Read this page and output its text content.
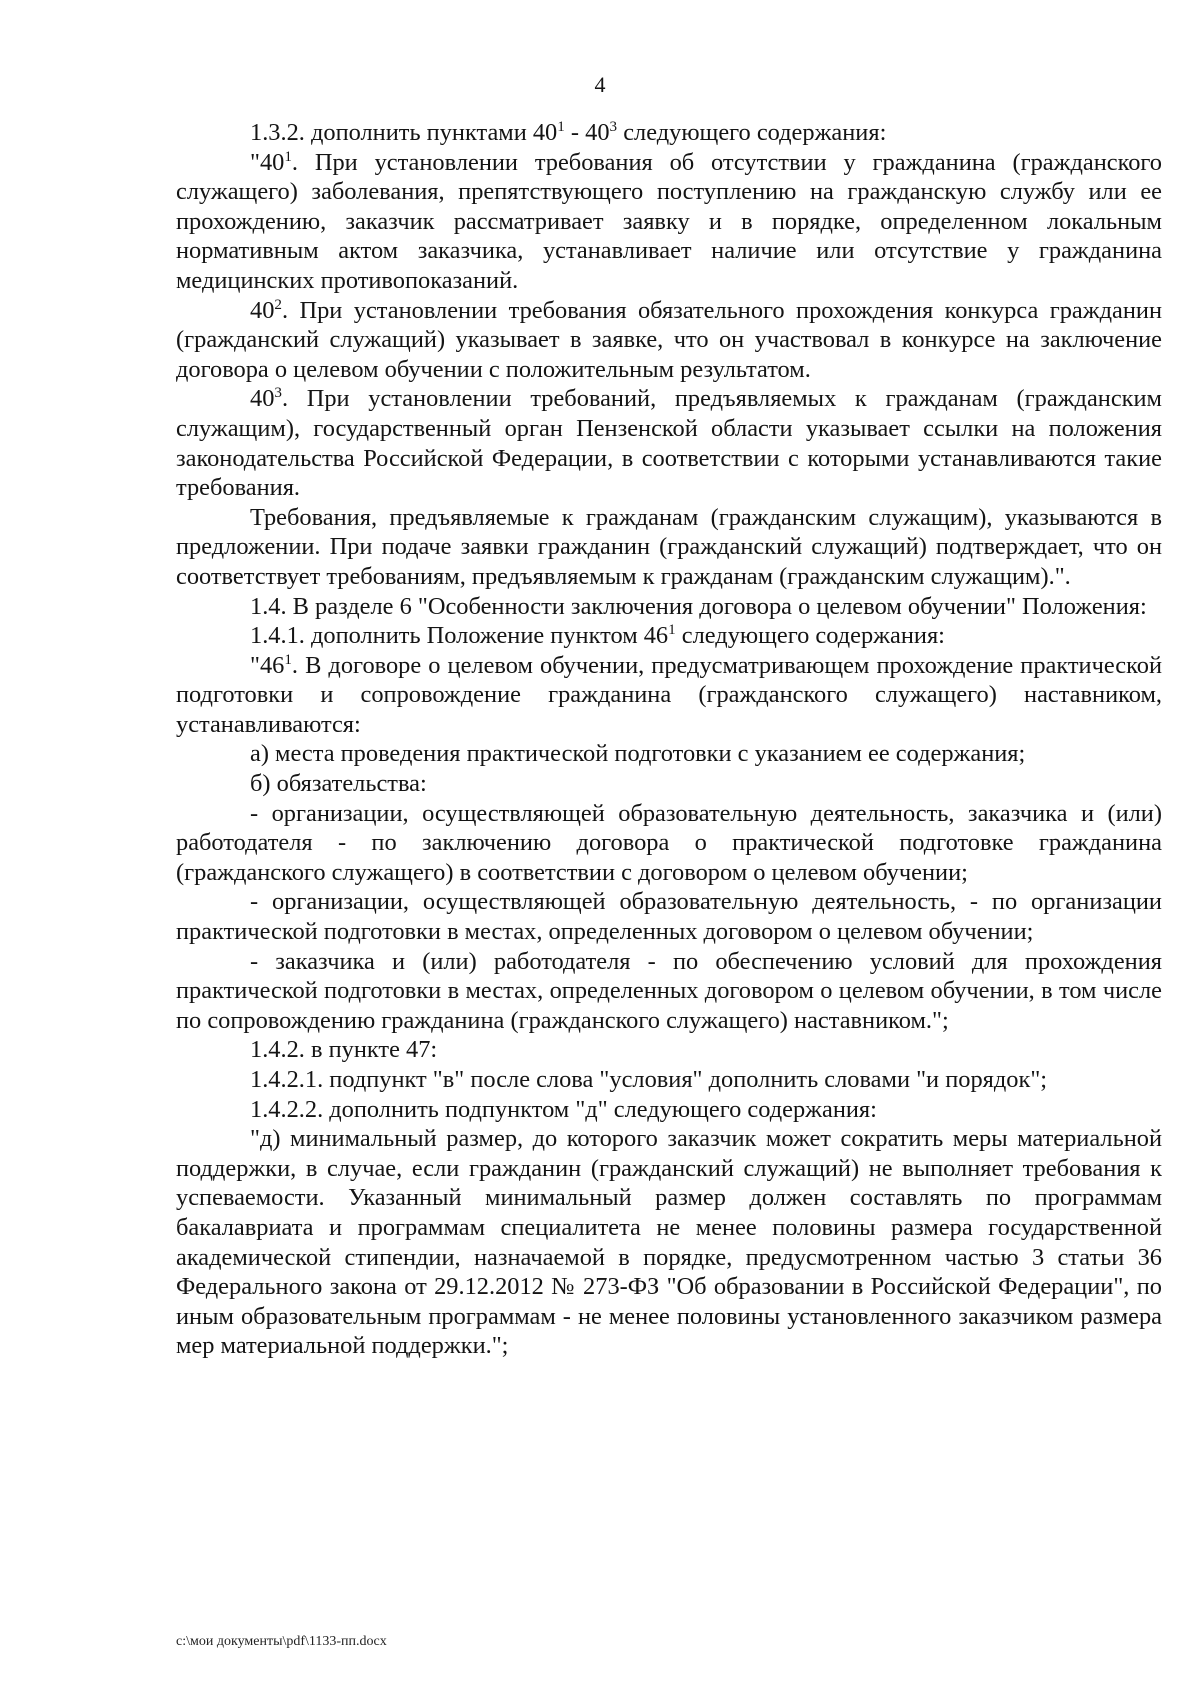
4

1.3.2. дополнить пунктами $40^1 - 40^3$ следующего содержания:

"$40^1$. При установлении требования об отсутствии у гражданина (гражданского служащего) заболевания, препятствующего поступлению на гражданскую службу или ее прохождению, заказчик рассматривает заявку и в порядке, определенном локальным нормативным актом заказчика, устанавливает наличие или отсутствие у гражданина медицинских противопоказаний.

$40^2$. При установлении требования обязательного прохождения конкурса гражданин (гражданский служащий) указывает в заявке, что он участвовал в конкурсе на заключение договора о целевом обучении с положительным результатом.

$40^3$. При установлении требований, предъявляемых к гражданам (гражданским служащим), государственный орган Пензенской области указывает ссылки на положения законодательства Российской Федерации, в соответствии с которыми устанавливаются такие требования.

Требования, предъявляемые к гражданам (гражданским служащим), указываются в предложении. При подаче заявки гражданин (гражданский служащий) подтверждает, что он соответствует требованиям, предъявляемым к гражданам (гражданским служащим).".

1.4. В разделе 6 "Особенности заключения договора о целевом обучении" Положения:

1.4.1. дополнить Положение пунктом $46^1$ следующего содержания:

"$46^1$. В договоре о целевом обучении, предусматривающем прохождение практической подготовки и сопровождение гражданина (гражданского служащего) наставником, устанавливаются:

а) места проведения практической подготовки с указанием ее содержания;

б) обязательства:

- организации, осуществляющей образовательную деятельность, заказчика и (или) работодателя - по заключению договора о практической подготовке гражданина (гражданского служащего) в соответствии с договором о целевом обучении;

- организации, осуществляющей образовательную деятельность, - по организации практической подготовки в местах, определенных договором о целевом обучении;

- заказчика и (или) работодателя - по обеспечению условий для прохождения практической подготовки в местах, определенных договором о целевом обучении, в том числе по сопровождению гражданина (гражданского служащего) наставником.";

1.4.2. в пункте 47:

1.4.2.1. подпункт "в" после слова "условия" дополнить словами "и порядок";

1.4.2.2. дополнить подпунктом "д" следующего содержания:

"д) минимальный размер, до которого заказчик может сократить меры материальной поддержки, в случае, если гражданин (гражданский служащий) не выполняет требования к успеваемости. Указанный минимальный размер должен составлять по программам бакалавриата и программам специалитета не менее половины размера государственной академической стипендии, назначаемой в порядке, предусмотренном частью 3 статьи 36 Федерального закона от 29.12.2012 № 273-ФЗ "Об образовании в Российской Федерации", по иным образовательным программам - не менее половины установленного заказчиком размера мер материальной поддержки.";

c:\мои документы\pdf\1133-пп.docx
